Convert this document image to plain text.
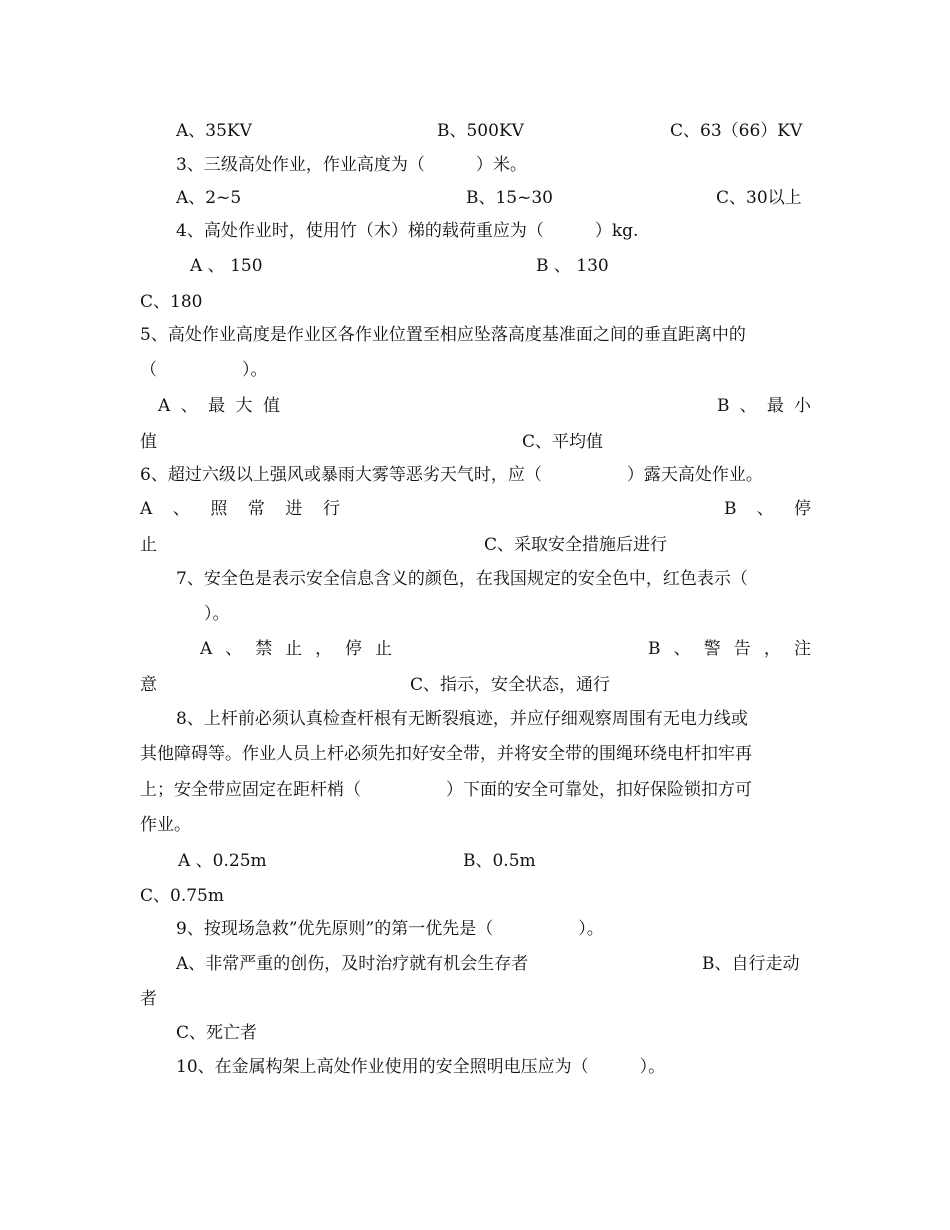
A、35KV	B、500KV	C、63（66）KV
3、三级高处作业，作业高度为（　　　）米。
A、2~5	B、15~30	C、30以上
4、高处作业时，使用竹（木）梯的载荷重应为（　　　）kg.
A 、 150	B 、 130
C、180
5、高处作业高度是作业区各作业位置至相应坠落高度基准面之间的垂直距离中的
（　　　　　）。
A 、 最 大 值	B 、 最 小
值	C、平均值
6、超过六级以上强风或暴雨大雾等恶劣天气时，应（　　　　　）露天高处作业。
A 、 照 常 进 行	B 、 停
止	C、采取安全措施后进行
7、安全色是表示安全信息含义的颜色，在我国规定的安全色中，红色表示（
）。
A 、 禁 止 ， 停 止	B 、 警 告 ， 注
意	C、指示，安全状态，通行
8、上杆前必须认真检查杆根有无断裂痕迹，并应仔细观察周围有无电力线或
其他障碍等。作业人员上杆必须先扣好安全带，并将安全带的围绳环绕电杆扣牢再
上；安全带应固定在距杆梢（　　　　　）下面的安全可靠处，扣好保险锁扣方可
作业。
A 、0.25m	B、0.5m
C、0.75m
9、按现场急救”优先原则”的第一优先是（　　　　　）。
A、非常严重的创伤，及时治疗就有机会生存者	B、自行走动
者
C、死亡者
10、在金属构架上高处作业使用的安全照明电压应为（　　　）。
